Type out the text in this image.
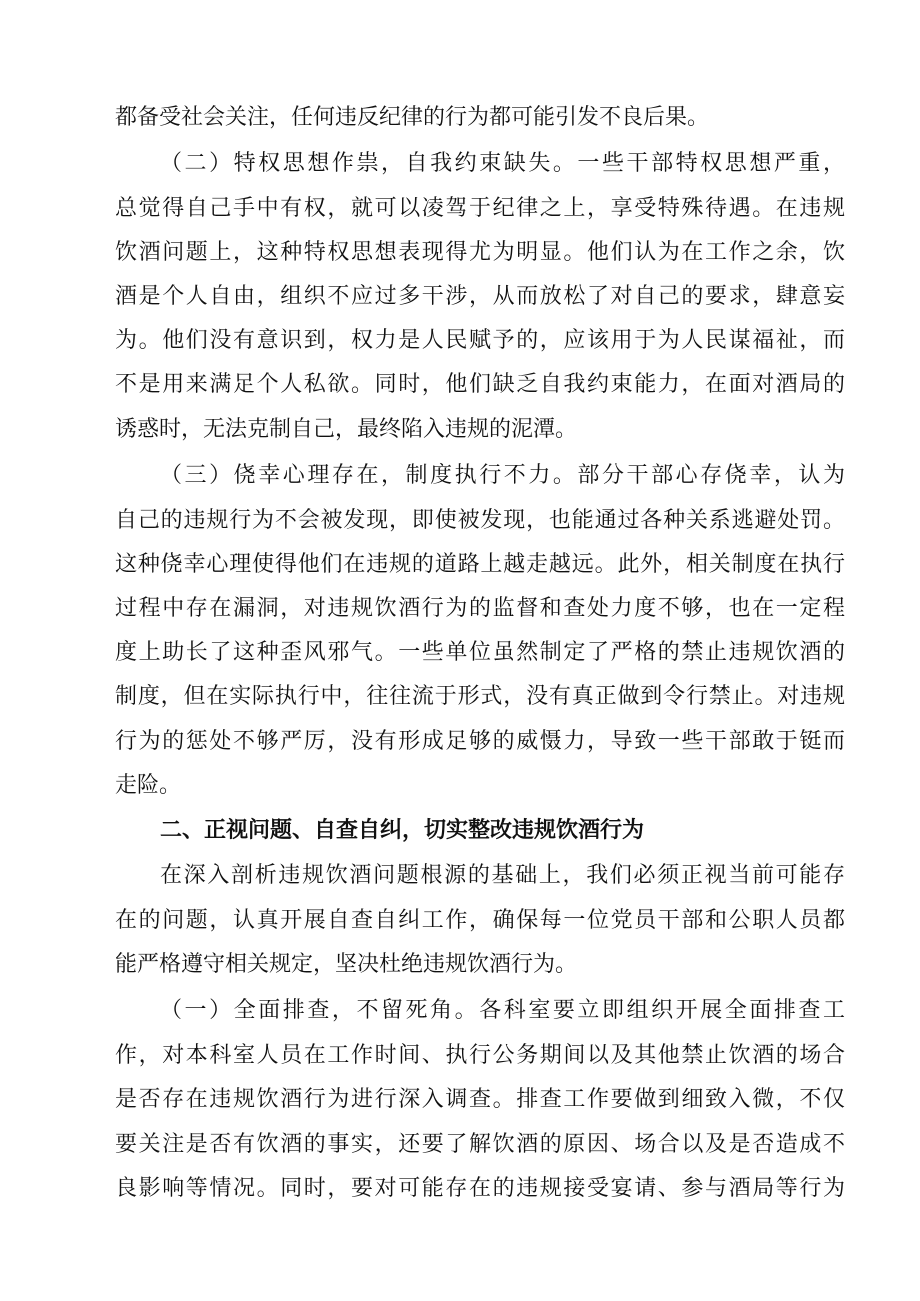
都备受社会关注，任何违反纪律的行为都可能引发不良后果。
（二）特权思想作祟，自我约束缺失。一些干部特权思想严重，
总觉得自己手中有权，就可以凌驾于纪律之上，享受特殊待遇。在违规
饮酒问题上，这种特权思想表现得尤为明显。他们认为在工作之余，饮
酒是个人自由，组织不应过多干涉，从而放松了对自己的要求，肆意妄
为。他们没有意识到，权力是人民赋予的，应该用于为人民谋福祉，而
不是用来满足个人私欲。同时，他们缺乏自我约束能力，在面对酒局的
诱惑时，无法克制自己，最终陷入违规的泥潭。
（三）侥幸心理存在，制度执行不力。部分干部心存侥幸，认为
自己的违规行为不会被发现，即使被发现，也能通过各种关系逃避处罚。
这种侥幸心理使得他们在违规的道路上越走越远。此外，相关制度在执行
过程中存在漏洞，对违规饮酒行为的监督和查处力度不够，也在一定程
度上助长了这种歪风邪气。一些单位虽然制定了严格的禁止违规饮酒的
制度，但在实际执行中，往往流于形式，没有真正做到令行禁止。对违规
行为的惩处不够严厉，没有形成足够的威慑力，导致一些干部敢于铤而
走险。
二、正视问题、自查自纠，切实整改违规饮酒行为
在深入剖析违规饮酒问题根源的基础上，我们必须正视当前可能存
在的问题，认真开展自查自纠工作，确保每一位党员干部和公职人员都
能严格遵守相关规定，坚决杜绝违规饮酒行为。
（一）全面排查，不留死角。各科室要立即组织开展全面排查工
作，对本科室人员在工作时间、执行公务期间以及其他禁止饮酒的场合
是否存在违规饮酒行为进行深入调查。排查工作要做到细致入微，不仅
要关注是否有饮酒的事实，还要了解饮酒的原因、场合以及是否造成不
良影响等情况。同时，要对可能存在的违规接受宴请、参与酒局等行为
